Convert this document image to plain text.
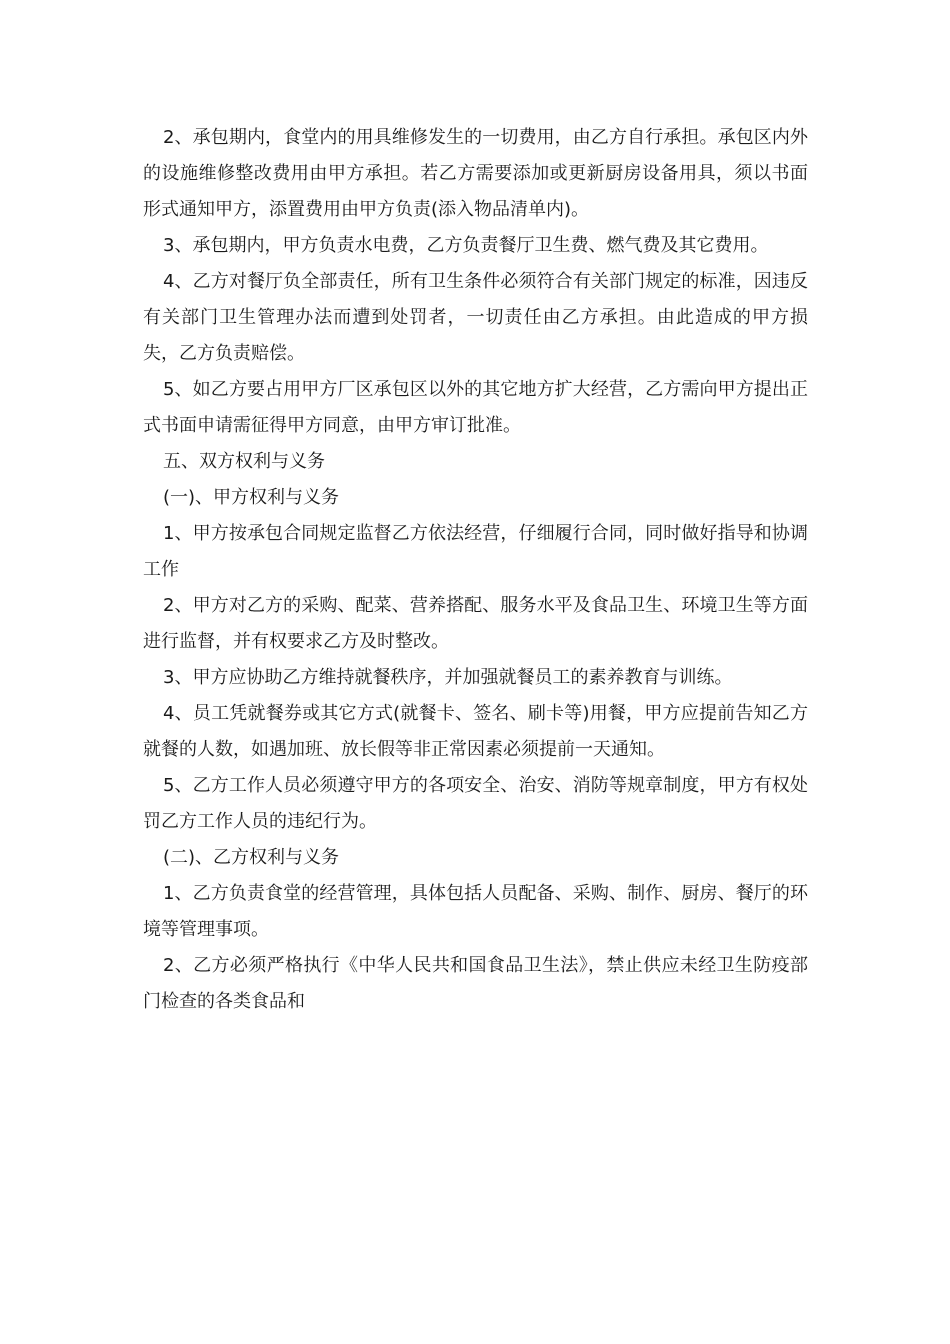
2、承包期内，食堂内的用具维修发生的一切费用，由乙方自行承担。承包区内外的设施维修整改费用由甲方承担。若乙方需要添加或更新厨房设备用具，须以书面形式通知甲方，添置费用由甲方负责(添入物品清单内)。

3、承包期内，甲方负责水电费，乙方负责餐厅卫生费、燃气费及其它费用。

4、乙方对餐厅负全部责任，所有卫生条件必须符合有关部门规定的标准，因违反有关部门卫生管理办法而遭到处罚者，一切责任由乙方承担。由此造成的甲方损失，乙方负责赔偿。

5、如乙方要占用甲方厂区承包区以外的其它地方扩大经营，乙方需向甲方提出正式书面申请需征得甲方同意，由甲方审订批准。

五、双方权利与义务

(一)、甲方权利与义务

1、甲方按承包合同规定监督乙方依法经营，仔细履行合同，同时做好指导和协调工作

2、甲方对乙方的采购、配菜、营养搭配、服务水平及食品卫生、环境卫生等方面进行监督，并有权要求乙方及时整改。

3、甲方应协助乙方维持就餐秩序，并加强就餐员工的素养教育与训练。

4、员工凭就餐券或其它方式(就餐卡、签名、刷卡等)用餐，甲方应提前告知乙方就餐的人数，如遇加班、放长假等非正常因素必须提前一天通知。

5、乙方工作人员必须遵守甲方的各项安全、治安、消防等规章制度，甲方有权处罚乙方工作人员的违纪行为。

(二)、乙方权利与义务

1、乙方负责食堂的经营管理，具体包括人员配备、采购、制作、厨房、餐厅的环境等管理事项。

2、乙方必须严格执行《中华人民共和国食品卫生法》，禁止供应未经卫生防疫部门检查的各类食品和
